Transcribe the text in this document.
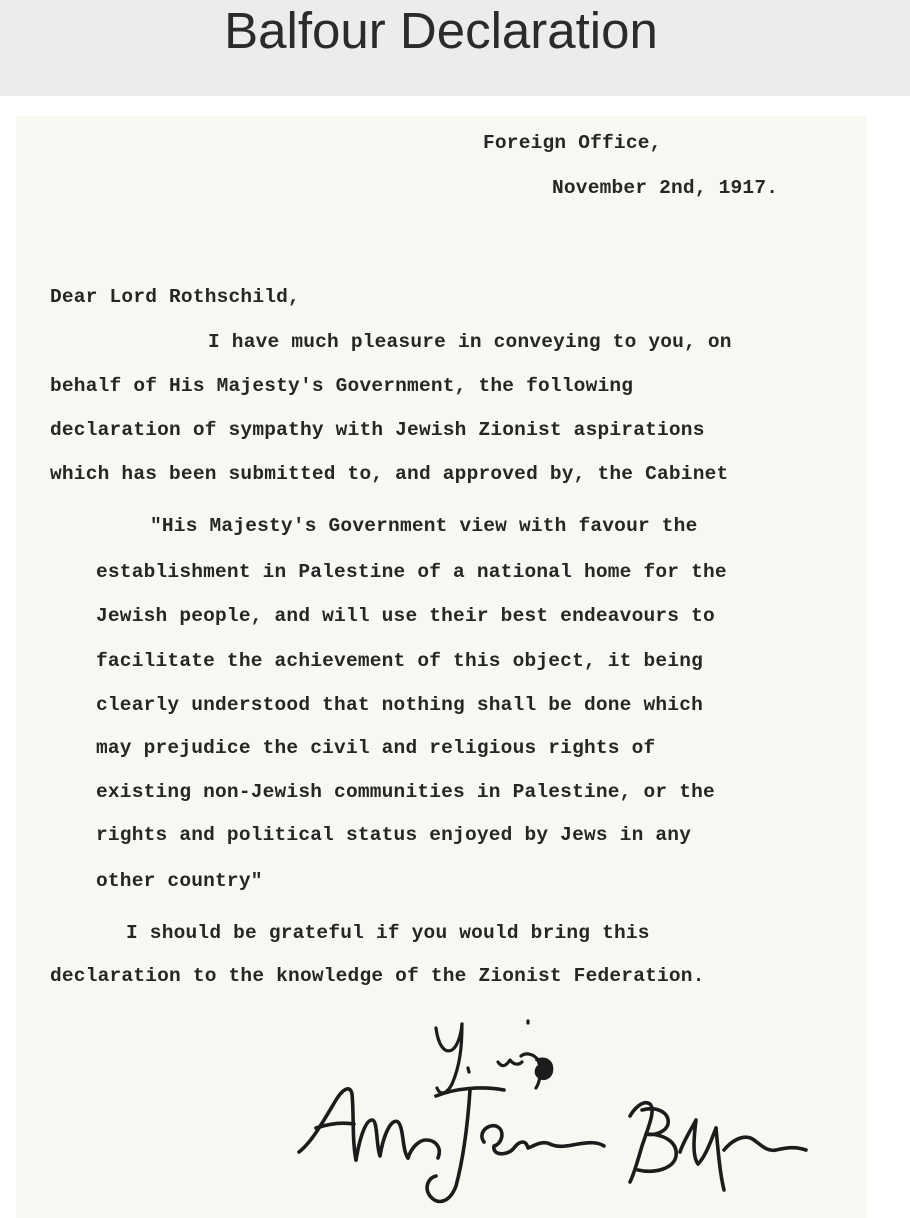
Balfour Declaration
Foreign Office,
November 2nd, 1917.
Dear Lord Rothschild,
I have much pleasure in conveying to you, on
behalf of His Majesty's Government, the following
declaration of sympathy with Jewish Zionist aspirations
which has been submitted to, and approved by, the Cabinet
"His Majesty's Government view with favour the
establishment in Palestine of a national home for the
Jewish people, and will use their best endeavours to
facilitate the achievement of this object, it being
clearly understood that nothing shall be done which
may prejudice the civil and religious rights of
existing non-Jewish communities in Palestine, or the
rights and political status enjoyed by Jews in any
other country"
I should be grateful if you would bring this
declaration to the knowledge of the Zionist Federation.
